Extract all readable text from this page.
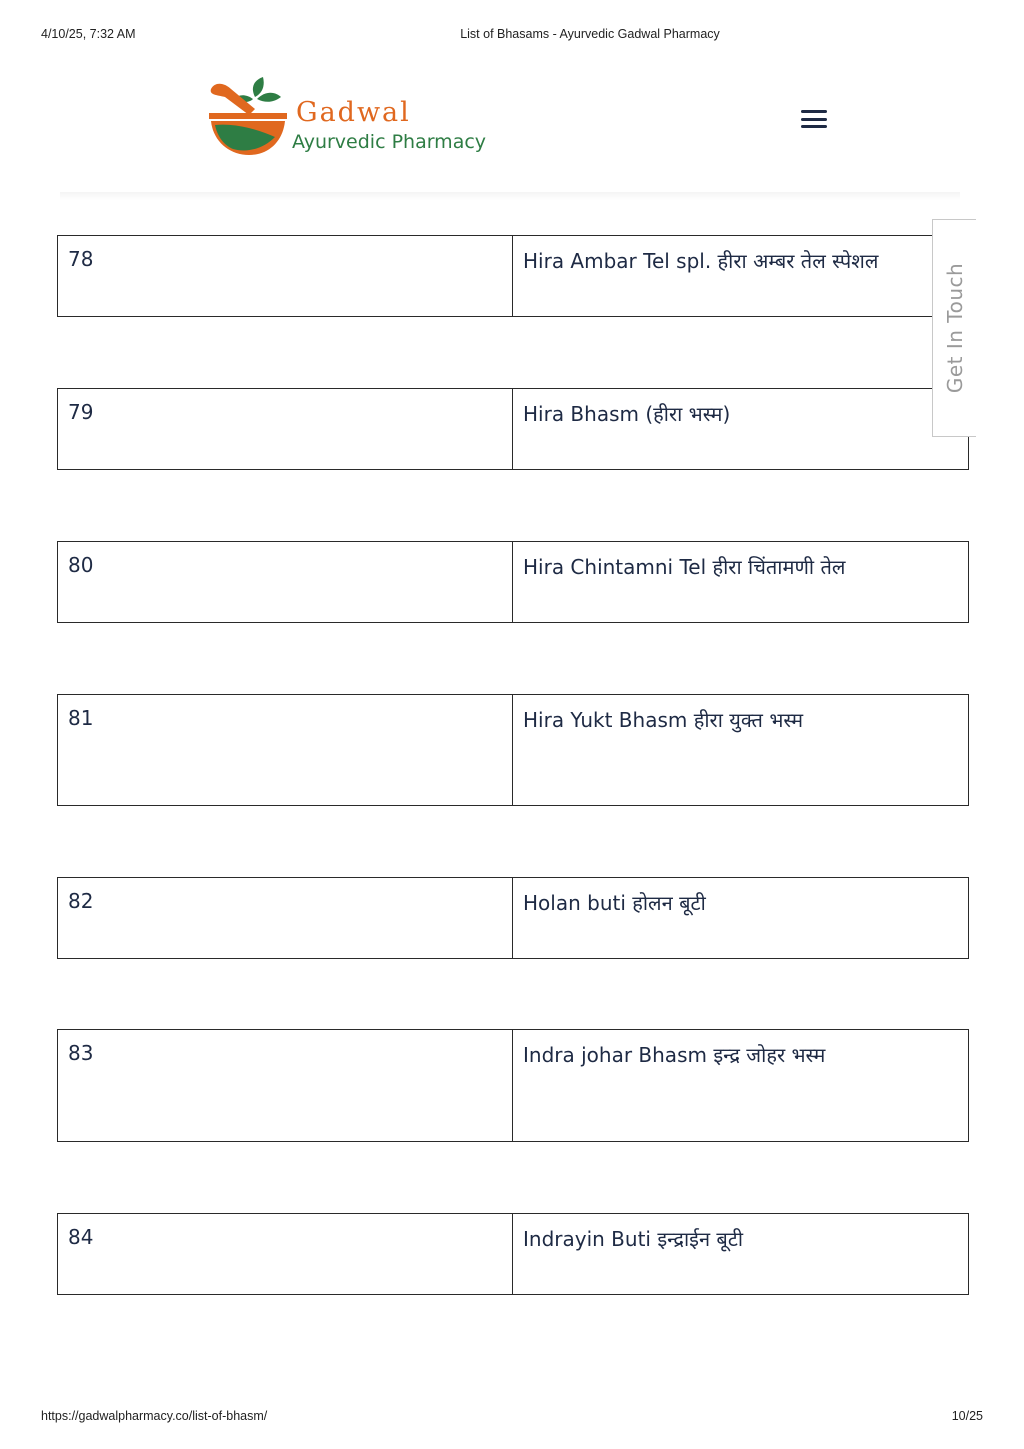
4/10/25, 7:32 AM	List of Bhasams - Ayurvedic Gadwal Pharmacy
Gadwal
Ayurvedic Pharmacy
78	Hira Ambar Tel spl. हीरा अम्बर तेल स्पेशल
79	Hira Bhasm (हीरा भस्म)
80	Hira Chintamni Tel हीरा चिंतामणी तेल
81	Hira Yukt Bhasm हीरा युक्त भस्म
82	Holan buti होलन बूटी
83	Indra johar Bhasm इन्द्र जोहर भस्म
84	Indrayin Buti इन्द्राईन बूटी
Get In Touch
https://gadwalpharmacy.co/list-of-bhasm/	10/25
